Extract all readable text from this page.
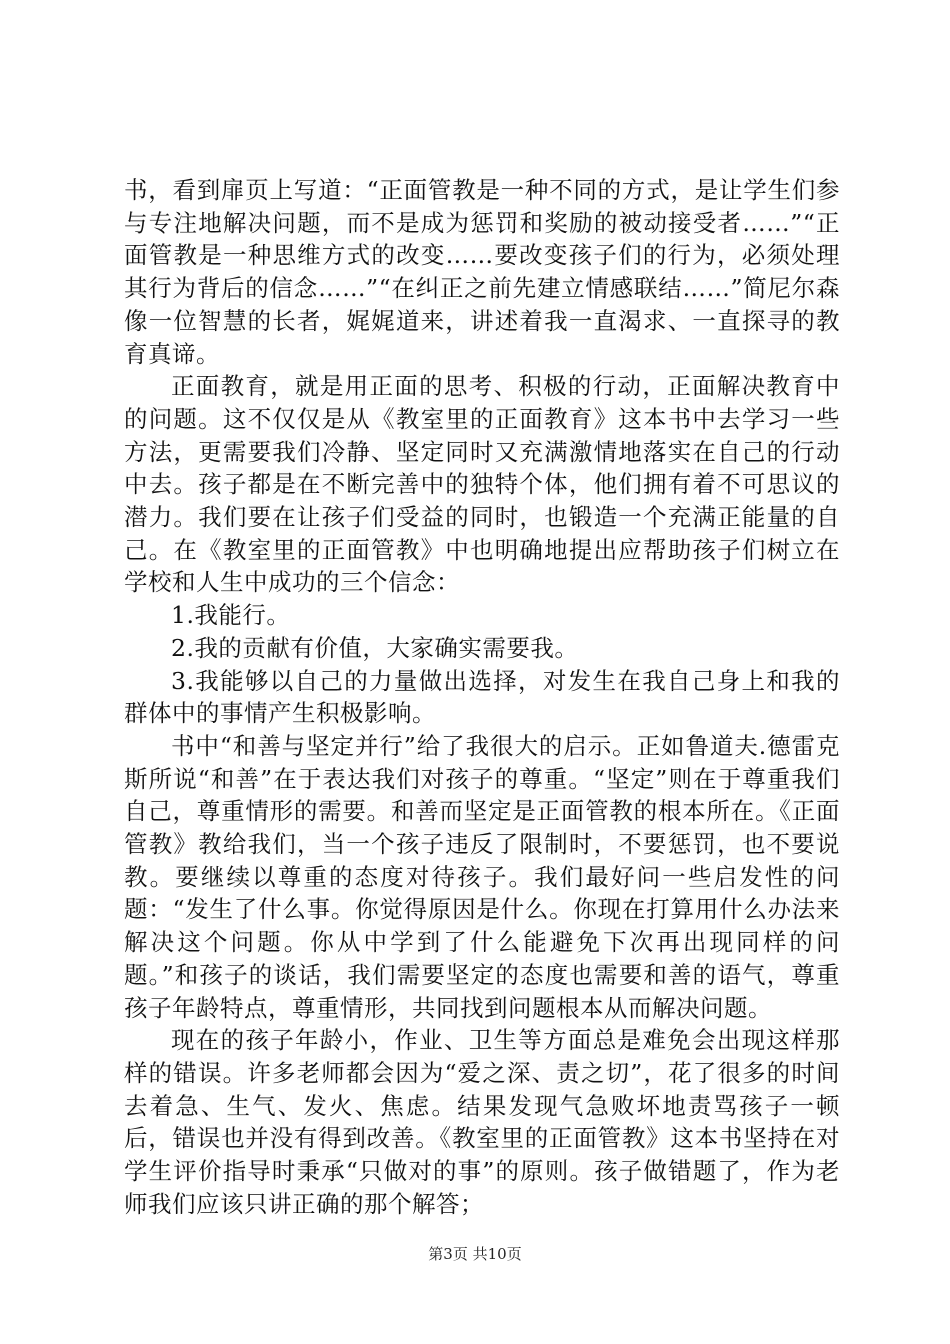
书，看到扉页上写道：“正面管教是一种不同的方式，是让学生们参与专注地解决问题，而不是成为惩罚和奖励的被动接受者……”“正面管教是一种思维方式的改变……要改变孩子们的行为，必须处理其行为背后的信念……”“在纠正之前先建立情感联结……”简尼尔森像一位智慧的长者，娓娓道来，讲述着我一直渴求、一直探寻的教育真谛。

正面教育，就是用正面的思考、积极的行动，正面解决教育中的问题。这不仅仅是从《教室里的正面教育》这本书中去学习一些方法，更需要我们冷静、坚定同时又充满激情地落实在自己的行动中去。孩子都是在不断完善中的独特个体，他们拥有着不可思议的潜力。我们要在让孩子们受益的同时，也锻造一个充满正能量的自己。在《教室里的正面管教》中也明确地提出应帮助孩子们树立在学校和人生中成功的三个信念：

1.我能行。

2.我的贡献有价值，大家确实需要我。

3.我能够以自己的力量做出选择，对发生在我自己身上和我的群体中的事情产生积极影响。

书中“和善与坚定并行”给了我很大的启示。正如鲁道夫.德雷克斯所说“和善”在于表达我们对孩子的尊重。“坚定”则在于尊重我们自己，尊重情形的需要。和善而坚定是正面管教的根本所在。《正面管教》教给我们，当一个孩子违反了限制时，不要惩罚，也不要说教。要继续以尊重的态度对待孩子。我们最好问一些启发性的问题：“发生了什么事。你觉得原因是什么。你现在打算用什么办法来解决这个问题。你从中学到了什么能避免下次再出现同样的问题。”和孩子的谈话，我们需要坚定的态度也需要和善的语气，尊重孩子年龄特点，尊重情形，共同找到问题根本从而解决问题。

现在的孩子年龄小，作业、卫生等方面总是难免会出现这样那样的错误。许多老师都会因为“爱之深、责之切”，花了很多的时间去着急、生气、发火、焦虑。结果发现气急败坏地责骂孩子一顿后，错误也并没有得到改善。《教室里的正面管教》这本书坚持在对学生评价指导时秉承“只做对的事”的原则。孩子做错题了，作为老师我们应该只讲正确的那个解答；

第3页 共10页
